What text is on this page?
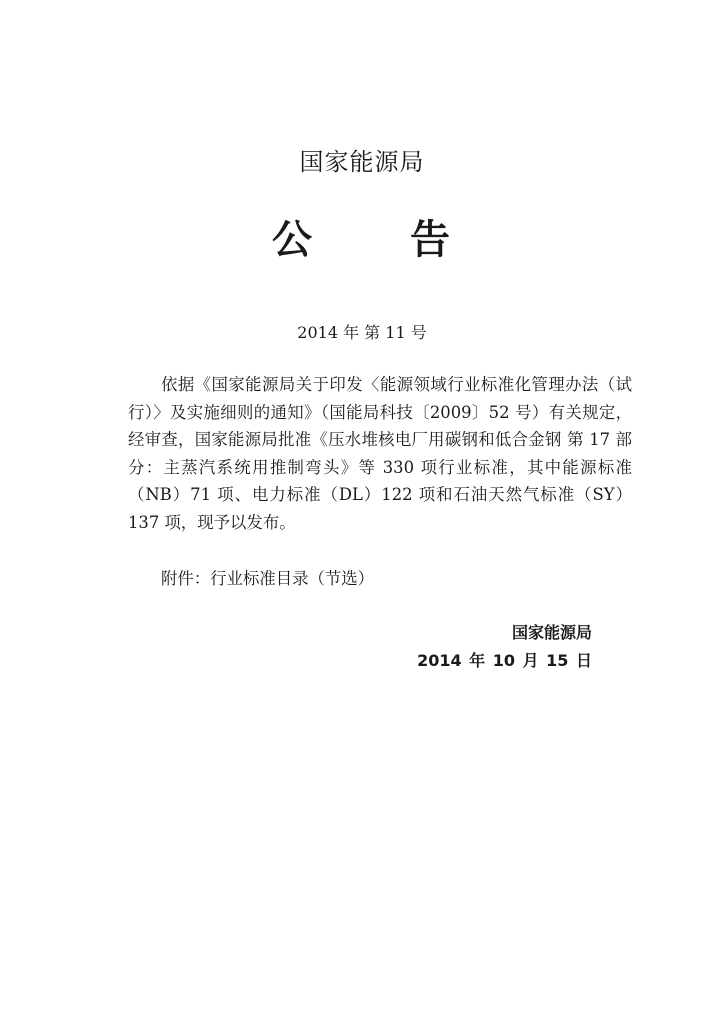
国家能源局
公 告
2014 年 第 11 号

依据《国家能源局关于印发〈能源领域行业标准化管理办法（试行）〉及实施细则的通知》（国能局科技〔2009〕52 号）有关规定，经审查，国家能源局批准《压水堆核电厂用碳钢和低合金钢 第 17 部分：主蒸汽系统用推制弯头》等 330 项行业标准，其中能源标准（NB）71 项、电力标准（DL）122 项和石油天然气标准（SY）137 项，现予以发布。

附件：行业标准目录（节选）

国家能源局
2014 年 10 月 15 日
